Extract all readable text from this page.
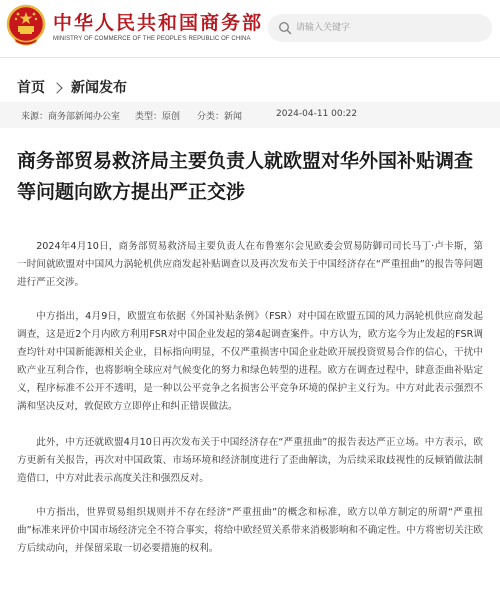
中华人民共和国商务部
MINISTRY OF COMMERCE OF THE PEOPLE'S REPUBLIC OF CHINA
请输入关键字
首页 新闻发布
来源：商务部新闻办公室 类型：原创 分类：新闻	2024-04-11 00:22
商务部贸易救济局主要负责人就欧盟对华外国补贴调查等问题向欧方提出严正交涉

2024年4月10日，商务部贸易救济局主要负责人在布鲁塞尔会见欧委会贸易防御司司长马丁·卢卡斯，第一时间就欧盟对中国风力涡轮机供应商发起补贴调查以及再次发布关于中国经济存在“严重扭曲”的报告等问题进行严正交涉。

中方指出，4月9日，欧盟宣布依据《外国补贴条例》（FSR）对中国在欧盟五国的风力涡轮机供应商发起调查，这是近2个月内欧方利用FSR对中国企业发起的第4起调查案件。中方认为，欧方迄今为止发起的FSR调查均针对中国新能源相关企业，目标指向明显，不仅严重损害中国企业赴欧开展投资贸易合作的信心，干扰中欧产业互利合作，也将影响全球应对气候变化的努力和绿色转型的进程。欧方在调查过程中，肆意歪曲补贴定义，程序标准不公开不透明，是一种以公平竞争之名损害公平竞争环境的保护主义行为。中方对此表示强烈不满和坚决反对，敦促欧方立即停止和纠正错误做法。

此外，中方还就欧盟4月10日再次发布关于中国经济存在“严重扭曲”的报告表达严正立场。中方表示，欧方更新有关报告，再次对中国政策、市场环境和经济制度进行了歪曲解读，为后续采取歧视性的反倾销做法制造借口，中方对此表示高度关注和强烈反对。

中方指出，世界贸易组织规则并不存在经济“严重扭曲”的概念和标准，欧方以单方制定的所谓“严重扭曲”标准来评价中国市场经济完全不符合事实，将给中欧经贸关系带来消极影响和不确定性。中方将密切关注欧方后续动向，并保留采取一切必要措施的权利。
